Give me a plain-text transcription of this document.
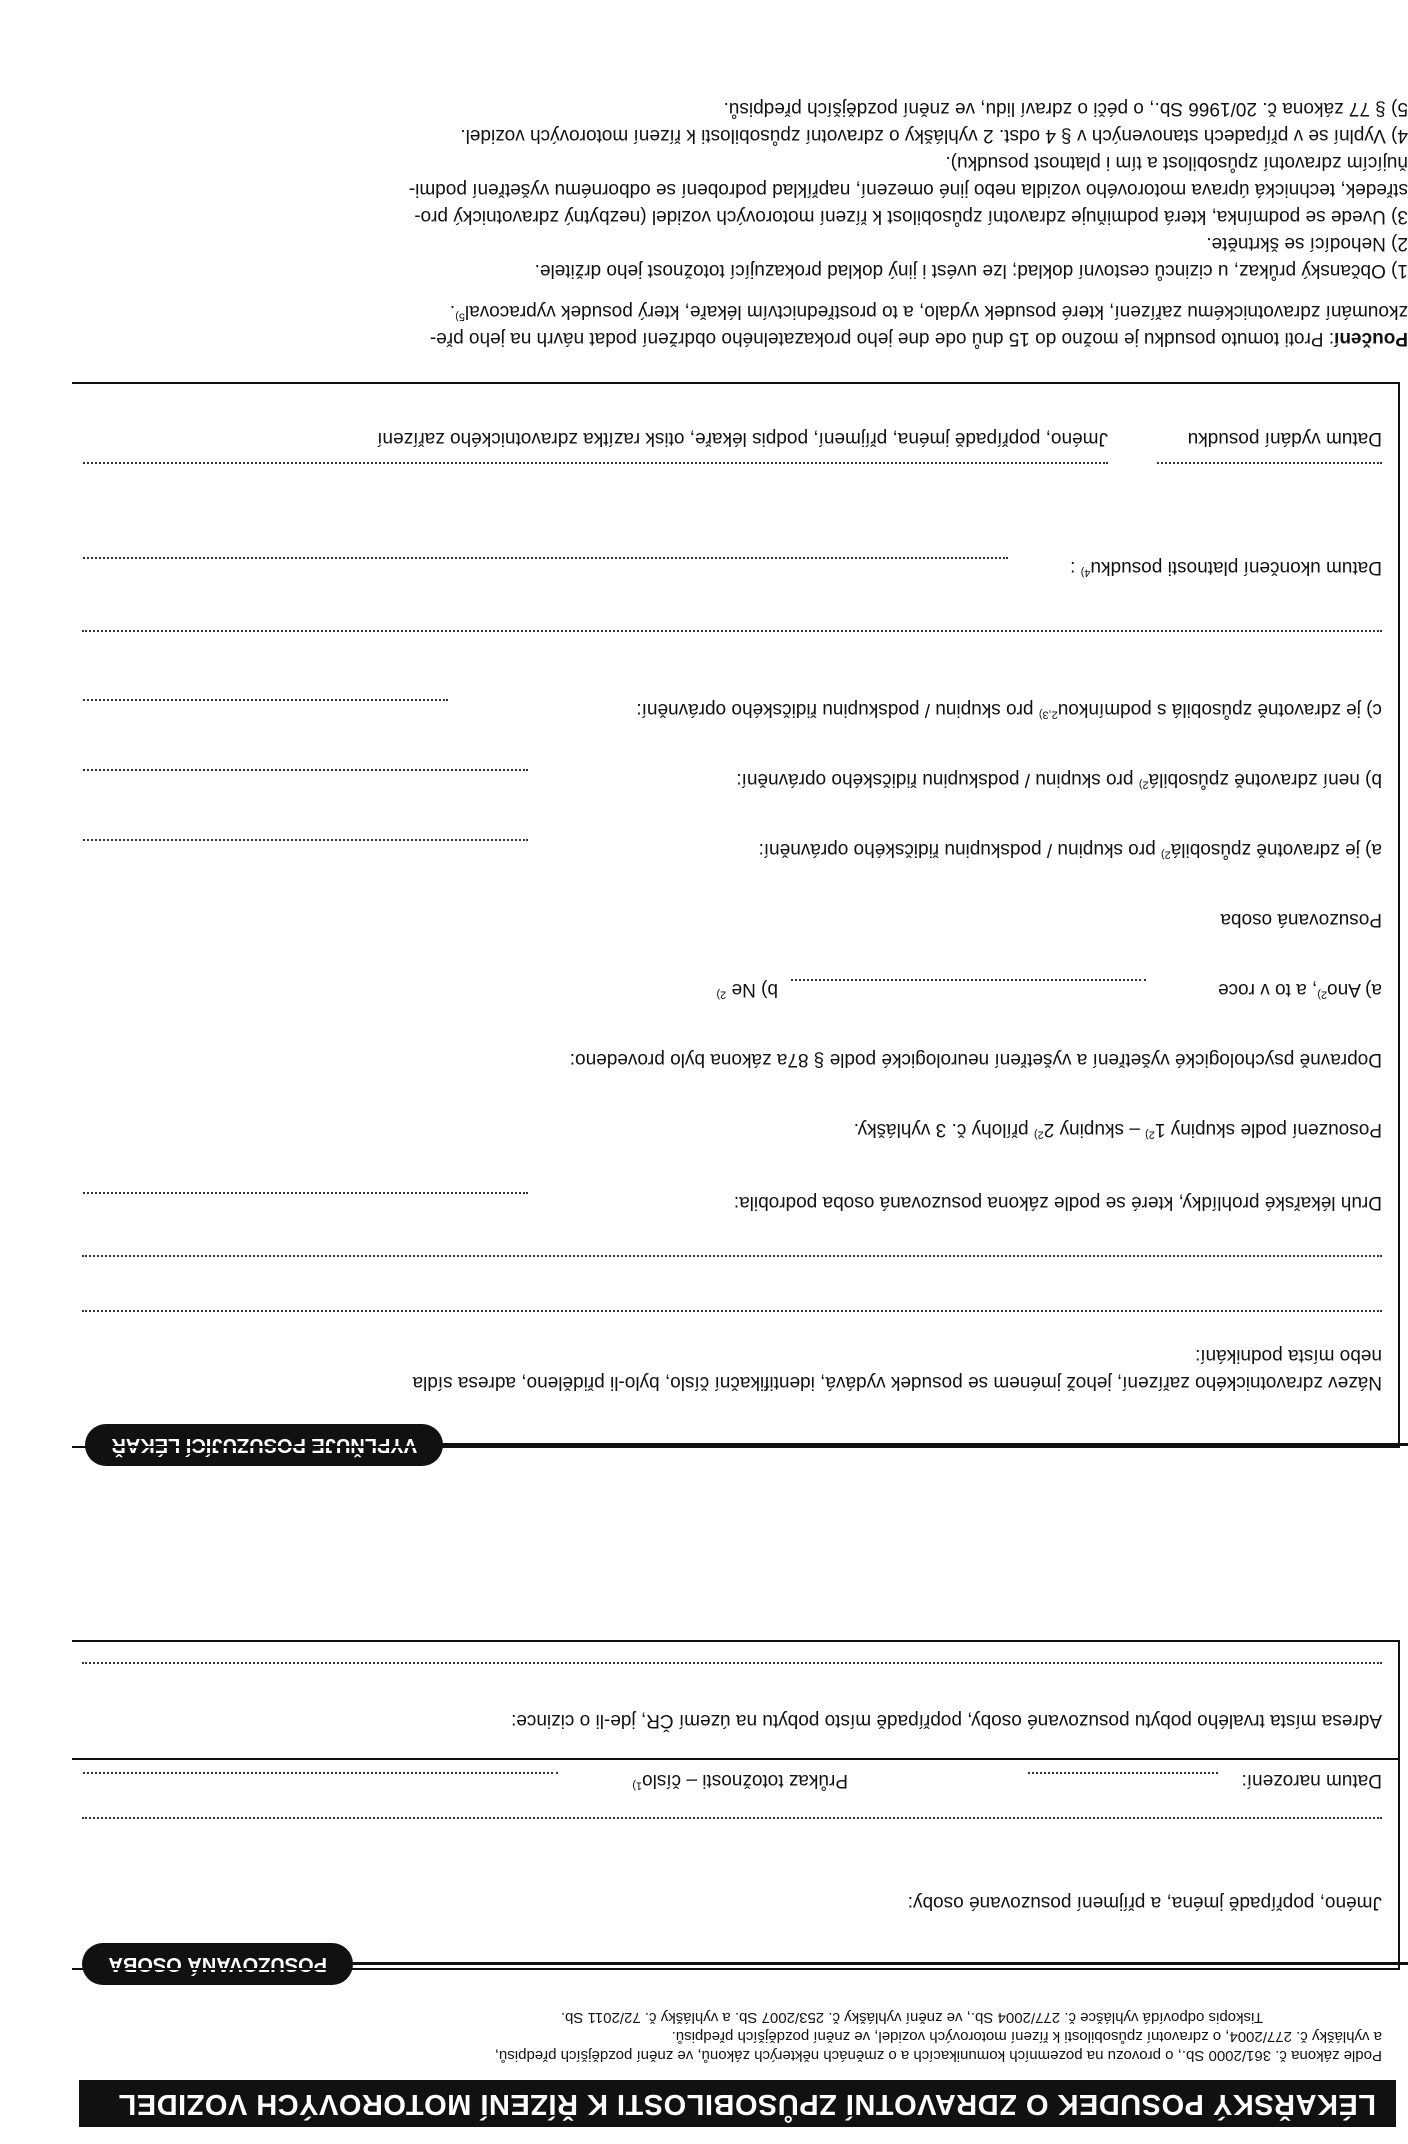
LÉKAŘSKÝ POSUDEK O ZDRAVOTNÍ ZPŮSOBILOSTI K ŘÍZENÍ MOTOROVÝCH VOZIDEL
Podle zákona č. 361/2000 Sb., o provozu na pozemních komunikacích a o změnách některých zákonů, ve znění pozdějších předpisů,
a vyhlášky č. 277/2004, o zdravotní způsobilosti k řízení motorových vozidel, ve znění pozdějších předpisů.
Tiskopis odpovídá vyhlášce č. 277/2004 Sb., ve znění vyhlášky č. 253/2007 Sb. a vyhlášky č. 72/2011 Sb.
POSUZOVANÁ OSOBA
Jméno, popřípadě jména, a příjmení posuzované osoby:
Datum narození:
Průkaz totožnosti – číslo$^{1)}$
Adresa místa trvalého pobytu posuzované osoby, popřípadě místo pobytu na území ČR, jde-li o cizince:
VYPLŇUJE POSUZUJÍCÍ LÉKAŘ
Název zdravotnického zařízení, jehož jménem se posudek vydává, identifikační číslo, bylo-li přiděleno, adresa sídla
nebo místa podnikání:
Druh lékařské prohlídky, které se podle zákona posuzovaná osoba podrobila:
Posouzení podle skupiny 1$^{2)}$ – skupiny 2$^{2)}$ přílohy č. 3 vyhlášky.
Dopravně psychologické vyšetření a vyšetření neurologické podle § 87a zákona bylo provedeno:
a) Ano$^{2)}$, a to v roce
b) Ne $^{2)}$
Posuzovaná osoba
a) je zdravotně způsobilá$^{2)}$ pro skupinu / podskupinu řidičského oprávnění:
b) není zdravotně způsobilá$^{2)}$ pro skupinu / podskupinu řidičského oprávnění:
c) je zdravotně způsobilá s podmínkou$^{2,3)}$ pro skupinu / podskupinu řidičského oprávnění:
Datum ukončení platnosti posudku$^{4)}$ :
Datum vydání posudku
Jméno, popřípadě jména, příjmení, podpis lékaře, otisk razítka zdravotnického zařízení
Poučení: Proti tomuto posudku je možno do 15 dnů ode dne jeho prokazatelného obdržení podat návrh na jeho pře-
zkoumání zdravotnickému zařízení, které posudek vydalo, a to prostřednictvím lékaře, který posudek vypracoval$^{5)}$.
1) Občanský průkaz, u cizinců cestovní doklad; lze uvést i jiný doklad prokazující totožnost jeho držitele.
2) Nehodící se škrtněte.
3) Uvede se podmínka, která podmiňuje zdravotní způsobilost k řízení motorových vozidel (nezbytný zdravotnický pro-
středek, technická úprava motorového vozidla nebo jiné omezení, například podrobení se odbornému vyšetření podmi-
ňujícím zdravotní způsobilost a tím i platnost posudku).
4) Vyplní se v případech stanovených v § 4 odst. 2 vyhlášky o zdravotní způsobilosti k řízení motorových vozidel.
5) § 77 zákona č. 20/1966 Sb., o péči o zdraví lidu, ve znění pozdějších předpisů.
